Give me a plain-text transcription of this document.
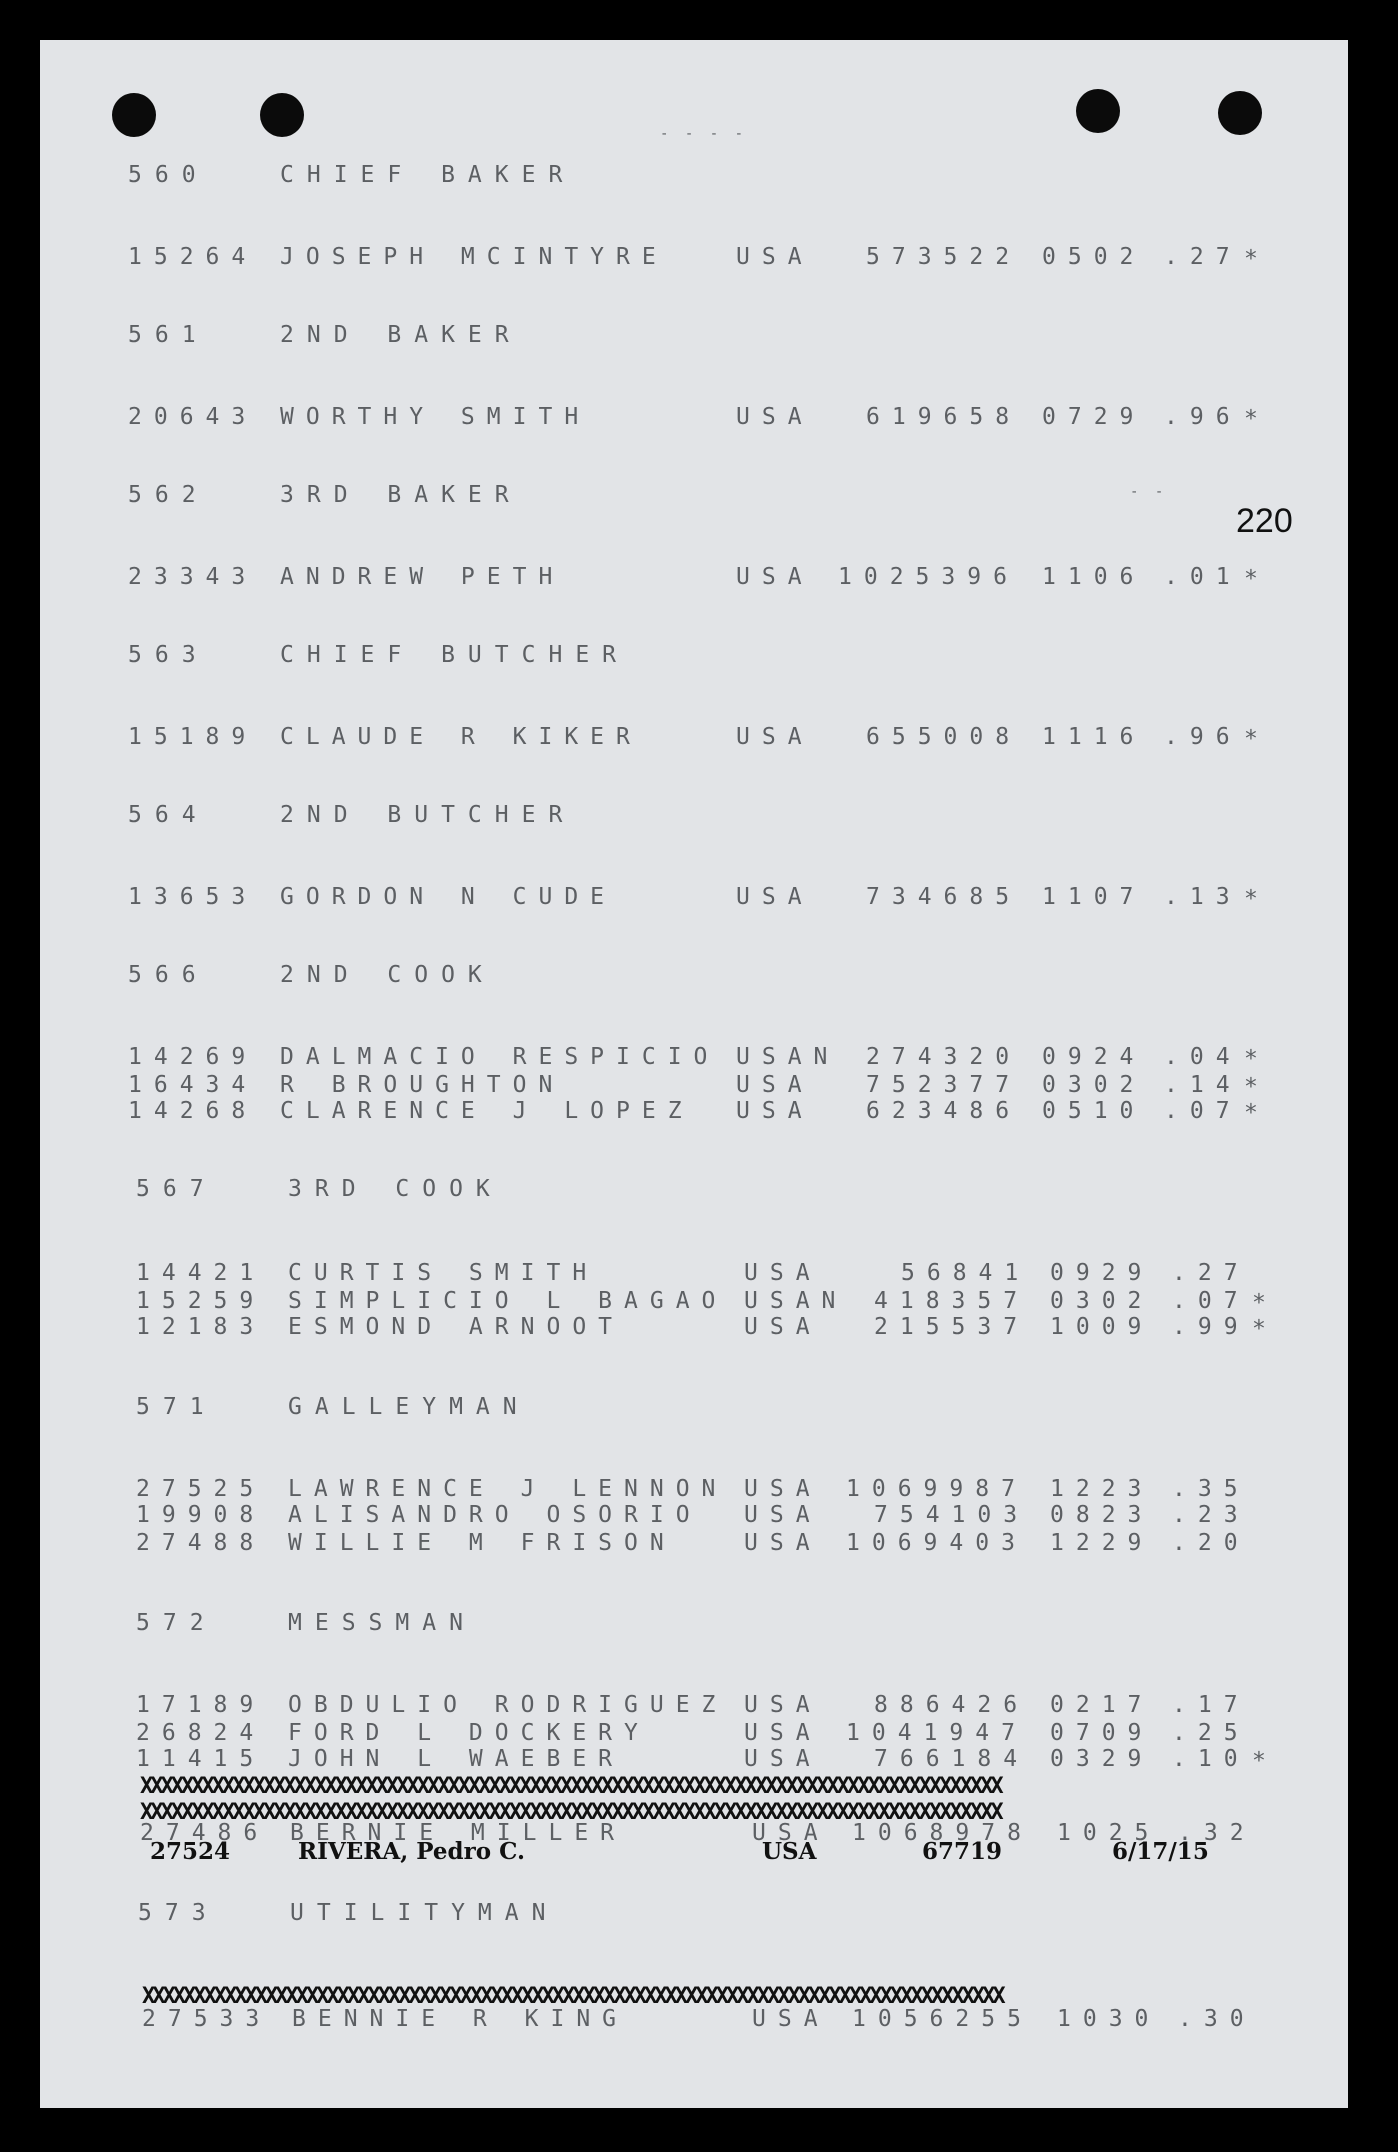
- - - -
- -
220
560	CHIEF BAKER
15264 JOSEPH MCINTYRE	USA 573522 0502 .27 *
561	2ND BAKER
20643 WORTHY SMITH	USA 619658 0729 .96 *
562	3RD BAKER
23343 ANDREW PETH	USA 1025396 1106 .01 *
563	CHIEF BUTCHER
15189 CLAUDE R KIKER	USA 655008 1116 .96 *
564	2ND BUTCHER
13653 GORDON N CUDE	USA 734685 1107 .13 *
566	2ND COOK
14269 DALMACIO RESPICIO USAN 274320 0924 .04 *
16434 R BROUGHTON	USA 752377 0302 .14 *
14268 CLARENCE J LOPEZ USA 623486 0510 .07 *
567	3RD COOK
14421 CURTIS SMITH	USA	56841 0929 .27
15259 SIMPLICIO L BAGAO USAN 418357 0302 .07 *
12183 ESMOND ARNOOT	USA 215537 1009 .99 *
571	GALLEYMAN
27525 LAWRENCE J LENNON USA 1069987 1223 .35
19908 ALISANDRO OSORIO USA 754103 0823 .23
27488 WILLIE M FRISON	USA 1069403 1229 .20
572	MESSMAN
17189 OBDULIO RODRIGUEZ USA 886426 0217 .17
26824 FORD L DOCKERY	USA 1041947 0709 .25
11415 JOHN L WAEBER	USA 766184 0329 .10 *
573	UTILITYMAN
XXXXXXXXXXXXXXXXXXXXXXXXXXXXXXXXXXXXXXXXXXXXXXXXXXXXXXXXXXXXXXXXXXXXXXXXXXXXXXXXXXXX
XXXXXXXXXXXXXXXXXXXXXXXXXXXXXXXXXXXXXXXXXXXXXXXXXXXXXXXXXXXXXXXXXXXXXXXXXXXXXXXXXXXX
27486 BERNIE MILLER	USA 1068978 1025 .32
27524	RIVERA, Pedro C.	USA	67719	6/17/15
XXXXXXXXXXXXXXXXXXXXXXXXXXXXXXXXXXXXXXXXXXXXXXXXXXXXXXXXXXXXXXXXXXXXXXXXXXXXXXXXXXXX
27533 BENNIE R KING	USA 1056255 1030 .30
